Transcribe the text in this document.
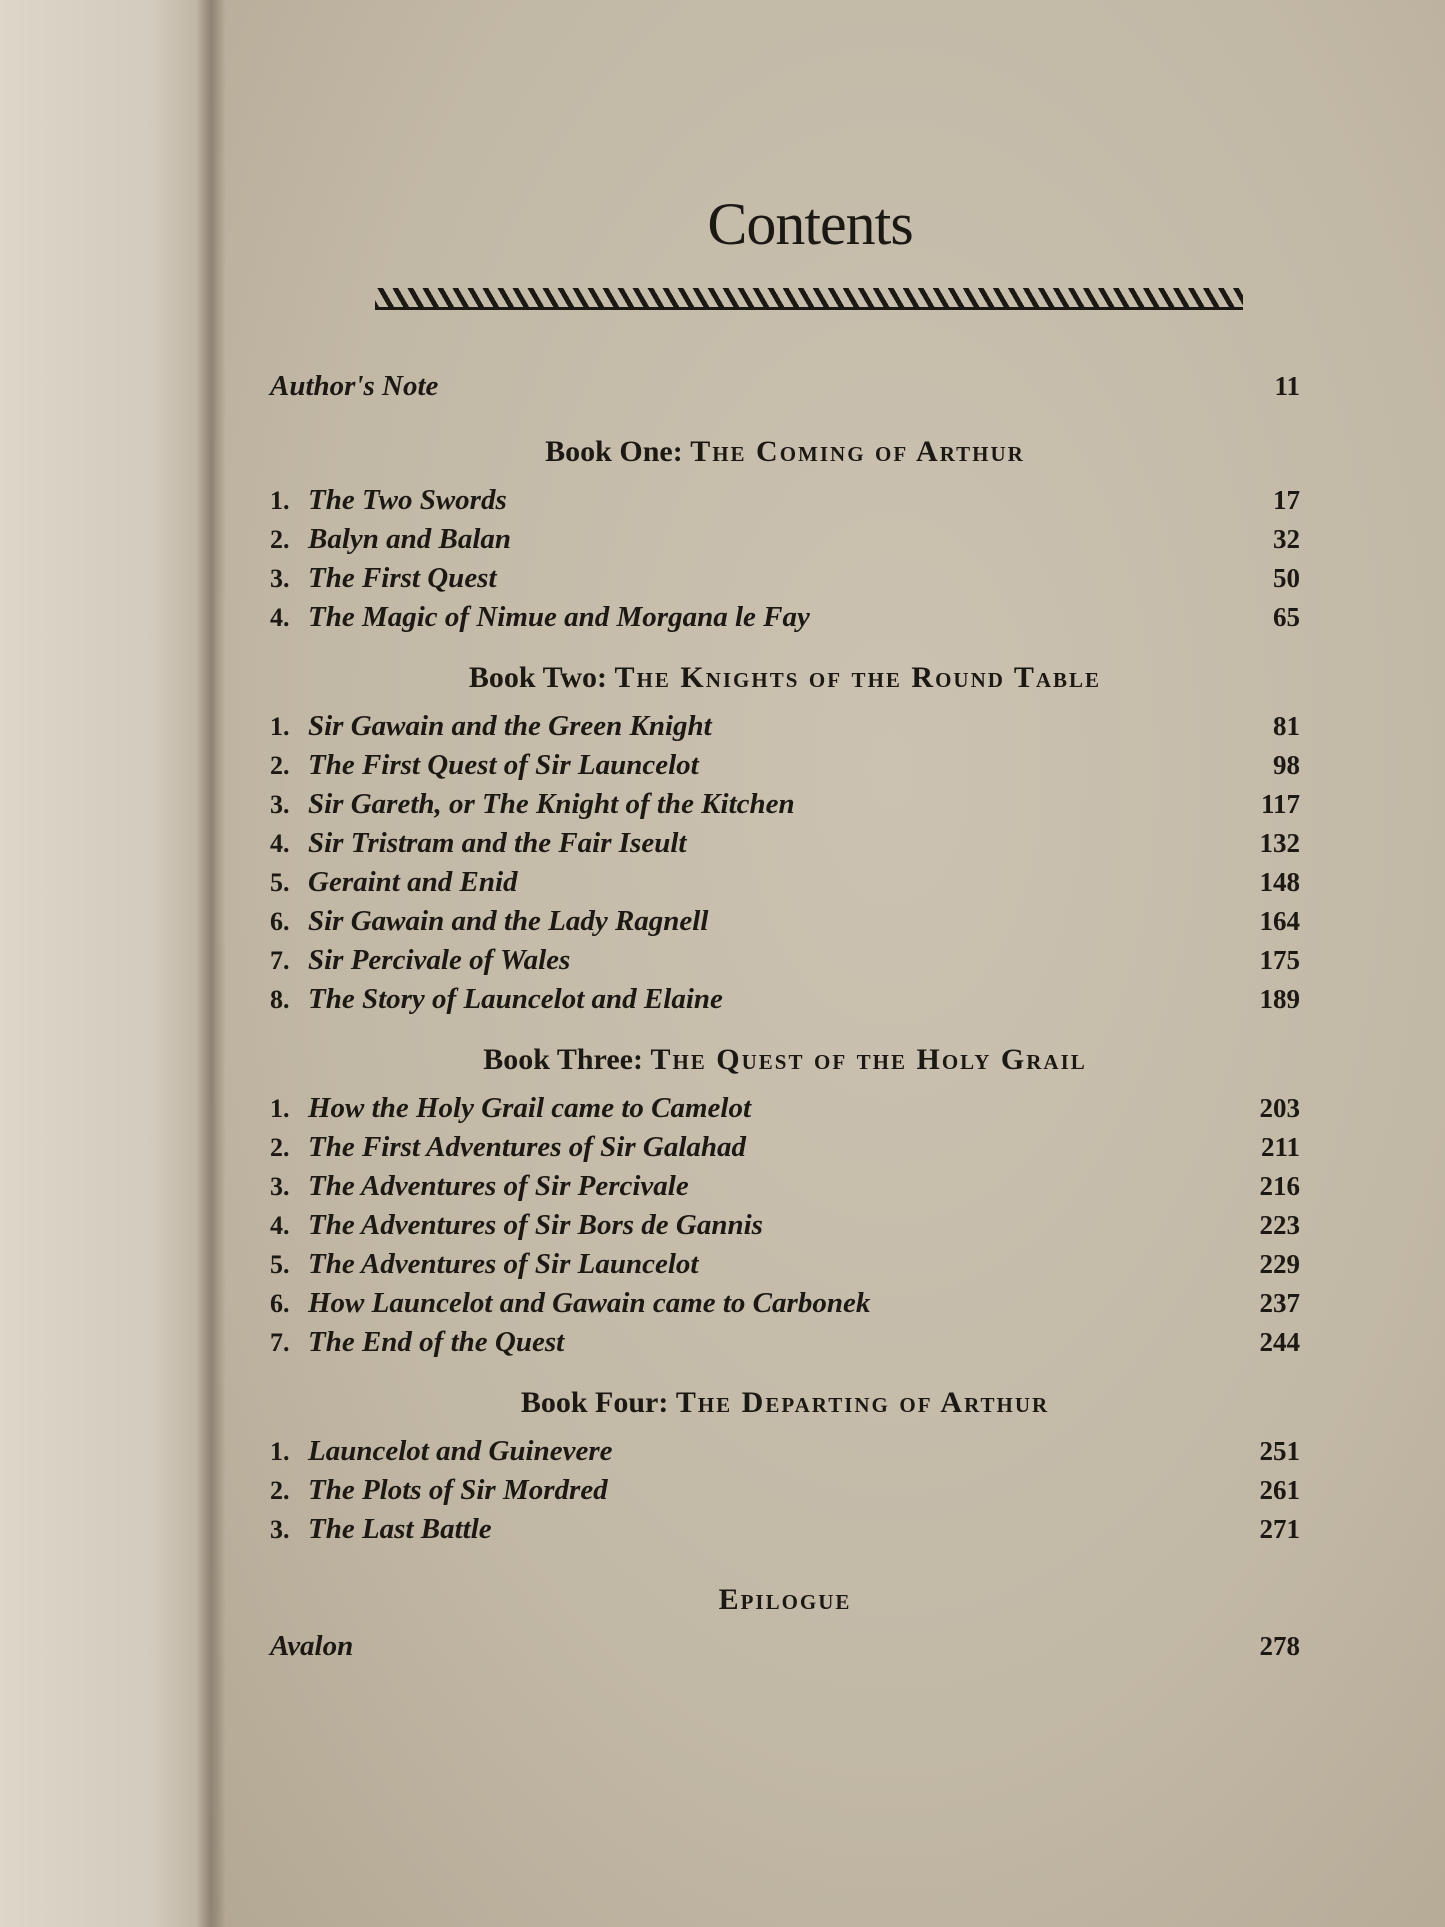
Contents
Author's Note	11
Book One: The Coming of Arthur
1. The Two Swords	17
2. Balyn and Balan	32
3. The First Quest	50
4. The Magic of Nimue and Morgana le Fay	65
Book Two: The Knights of the Round Table
1. Sir Gawain and the Green Knight	81
2. The First Quest of Sir Launcelot	98
3. Sir Gareth, or The Knight of the Kitchen	117
4. Sir Tristram and the Fair Iseult	132
5. Geraint and Enid	148
6. Sir Gawain and the Lady Ragnell	164
7. Sir Percivale of Wales	175
8. The Story of Launcelot and Elaine	189
Book Three: The Quest of the Holy Grail
1. How the Holy Grail came to Camelot	203
2. The First Adventures of Sir Galahad	211
3. The Adventures of Sir Percivale	216
4. The Adventures of Sir Bors de Gannis	223
5. The Adventures of Sir Launcelot	229
6. How Launcelot and Gawain came to Carbonek	237
7. The End of the Quest	244
Book Four: The Departing of Arthur
1. Launcelot and Guinevere	251
2. The Plots of Sir Mordred	261
3. The Last Battle	271
Epilogue
Avalon	278
